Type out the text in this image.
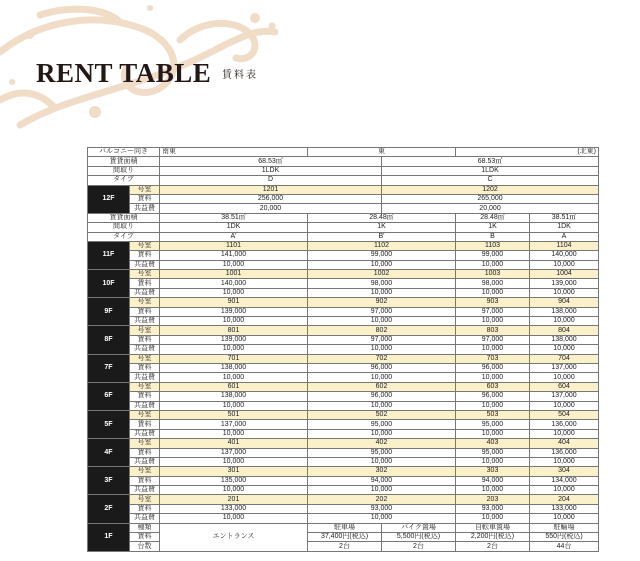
RENT TABLE 賃料表
バルコニー向き		南東	東		(北東)	
賃貸面積		68.53㎡		68.53㎡		
間取り		1LDK		1LDK		
タイプ		D		C		
12F	号室	1201		1202		
	賃料	256,000		265,000		
	共益費	20,000		20,000		
賃貸面積		38.51㎡	28.48㎡		28.48㎡	38.51㎡
間取り		1DK	1K		1K	1DK
タイプ		A'	B'		B	A
11F	号室	1101	1102		1103	1104
	賃料	141,000	99,000		99,000	140,000
	共益費	10,000	10,000		10,000	10,000
10F	号室	1001	1002		1003	1004
	賃料	140,000	98,000		98,000	139,000
	共益費	10,000	10,000		10,000	10,000
9F	号室	901	902		903	904
	賃料	139,000	97,000		97,000	138,000
	共益費	10,000	10,000		10,000	10,000
8F	号室	801	802		803	804
	賃料	139,000	97,000		97,000	138,000
	共益費	10,000	10,000		10,000	10,000
7F	号室	701	702		703	704
	賃料	138,000	96,000		96,000	137,000
	共益費	10,000	10,000		10,000	10,000
6F	号室	601	602		603	604
	賃料	138,000	96,000		96,000	137,000
	共益費	10,000	10,000		10,000	10,000
5F	号室	501	502		503	504
	賃料	137,000	95,000		95,000	136,000
	共益費	10,000	10,000		10,000	10,000
4F	号室	401	402		403	404
	賃料	137,000	95,000		95,000	136,000
	共益費	10,000	10,000		10,000	10,000
3F	号室	301	302		303	304
	賃料	135,000	94,000		94,000	134,000
	共益費	10,000	10,000		10,000	10,000
2F	号室	201	202		203	204
	賃料	133,000	93,000		93,000	133,000
	共益費	10,000	10,000		10,000	10,000
1F	種類	エントランス	駐車場	バイク置場	自転車置場	駐輪場
	賃料		37,400円(税込)	5,500円(税込)	2,200円(税込)	550円(税込)
	台数		2台	2台	2台	44台
